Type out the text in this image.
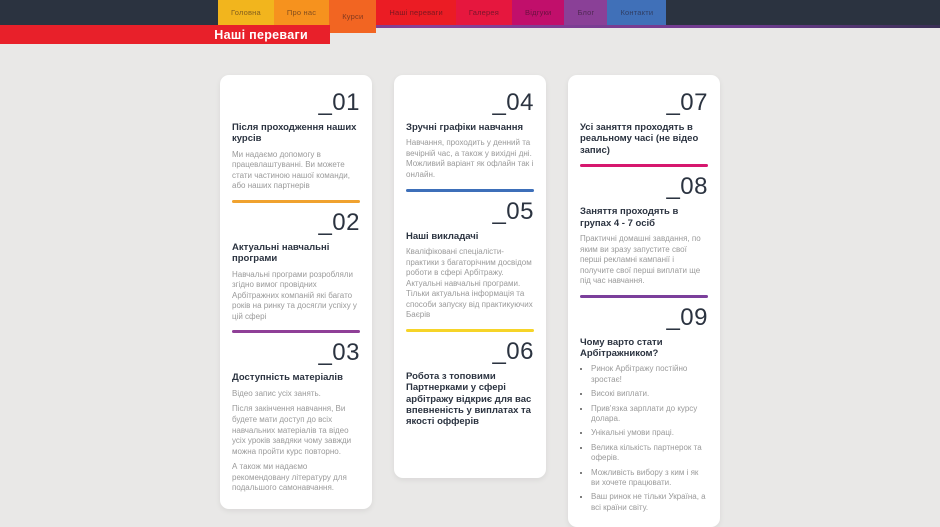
Головна	Про нас	Курси	Наші переваги	Галерея	Відгуки	Блог	Контакти
Наші переваги
_01
Після проходження наших курсів

Ми надаємо допомогу в працевлаштуванні. Ви можете стати частиною нашої команди, або наших партнерів

_02
Актуальні навчальні програми

Навчальні програми розробляли згідно вимог провідних Арбітражних компаній які багато років на ринку та досягли успіху у цій сфері

_03
Доступність матеріалів

Відео запис усіх занять.

Після закінчення навчання, Ви будете мати доступ до всіх навчальних матеріалів та відео усіх уроків завдяки чому завжди можна пройти курс повторно.

А також ми надаємо рекомендовану літературу для подальшого самонавчання.

_04
Зручні графіки навчання

Навчання, проходить у денний та вечірній час, а також у вихідні дні. Можливий варіант як офлайн так і онлайн.

_05
Наші викладачі

Кваліфіковані спеціалісти-практики з багаторічним досвідом роботи в сфері Арбітражу. Актуальні навчальні програми. Тільки актуальна інформація та способи запуску від практикуючих Баєрів

_06
Робота з топовими Партнерками у сфері арбітражу відкриє для вас впевненість у виплатах та якості офферів
_07
Усі заняття проходять в реальному часі (не відео запис)
_08
Заняття проходять в групах 4 - 7 осіб

Практичні домашні завдання, по яким ви зразу запустите свої перші рекламні кампанії і получите свої перші виплати ще під час навчання.

_09
Чому варто стати Арбітражником?
• Ринок Арбітражу постійно зростає!
• Високі виплати.
• Прив'язка зарплати до курсу долара.
• Унікальні умови праці.
• Велика кількість партнерок та оферів.
• Можливість вибору з ким і як ви хочете працювати.
• Ваш ринок не тільки Україна, а всі країни світу.
